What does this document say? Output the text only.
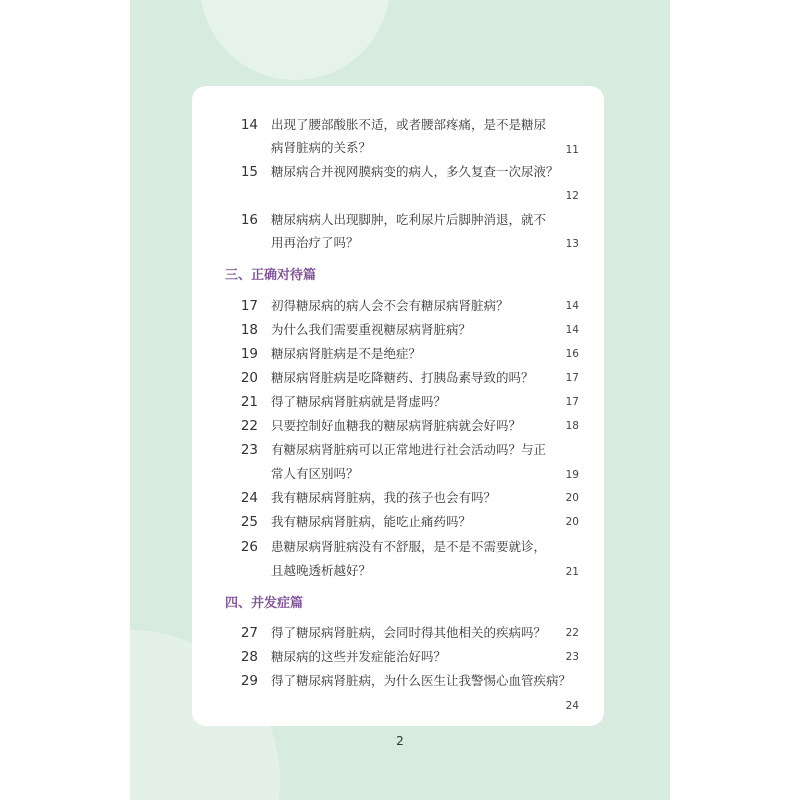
14 出现了腰部酸胀不适，或者腰部疼痛，是不是糖尿
病肾脏病的关系？	11
15 糖尿病合并视网膜病变的病人，多久复查一次尿液？
12
16 糖尿病病人出现脚肿，吃利尿片后脚肿消退，就不
用再治疗了吗？	13
三、正确对待篇
17 初得糖尿病的病人会不会有糖尿病肾脏病？	14
18 为什么我们需要重视糖尿病肾脏病？	14
19 糖尿病肾脏病是不是绝症？	16
20 糖尿病肾脏病是吃降糖药、打胰岛素导致的吗？	17
21 得了糖尿病肾脏病就是肾虚吗？	17
22 只要控制好血糖我的糖尿病肾脏病就会好吗？	18
23 有糖尿病肾脏病可以正常地进行社会活动吗？与正
常人有区别吗？	19
24 我有糖尿病肾脏病，我的孩子也会有吗？	20
25 我有糖尿病肾脏病，能吃止痛药吗？	20
26 患糖尿病肾脏病没有不舒服，是不是不需要就诊，
且越晚透析越好？	21
四、并发症篇
27 得了糖尿病肾脏病，会同时得其他相关的疾病吗？ 22
28 糖尿病的这些并发症能治好吗？	23
29 得了糖尿病肾脏病，为什么医生让我警惕心血管疾病？
24
2
